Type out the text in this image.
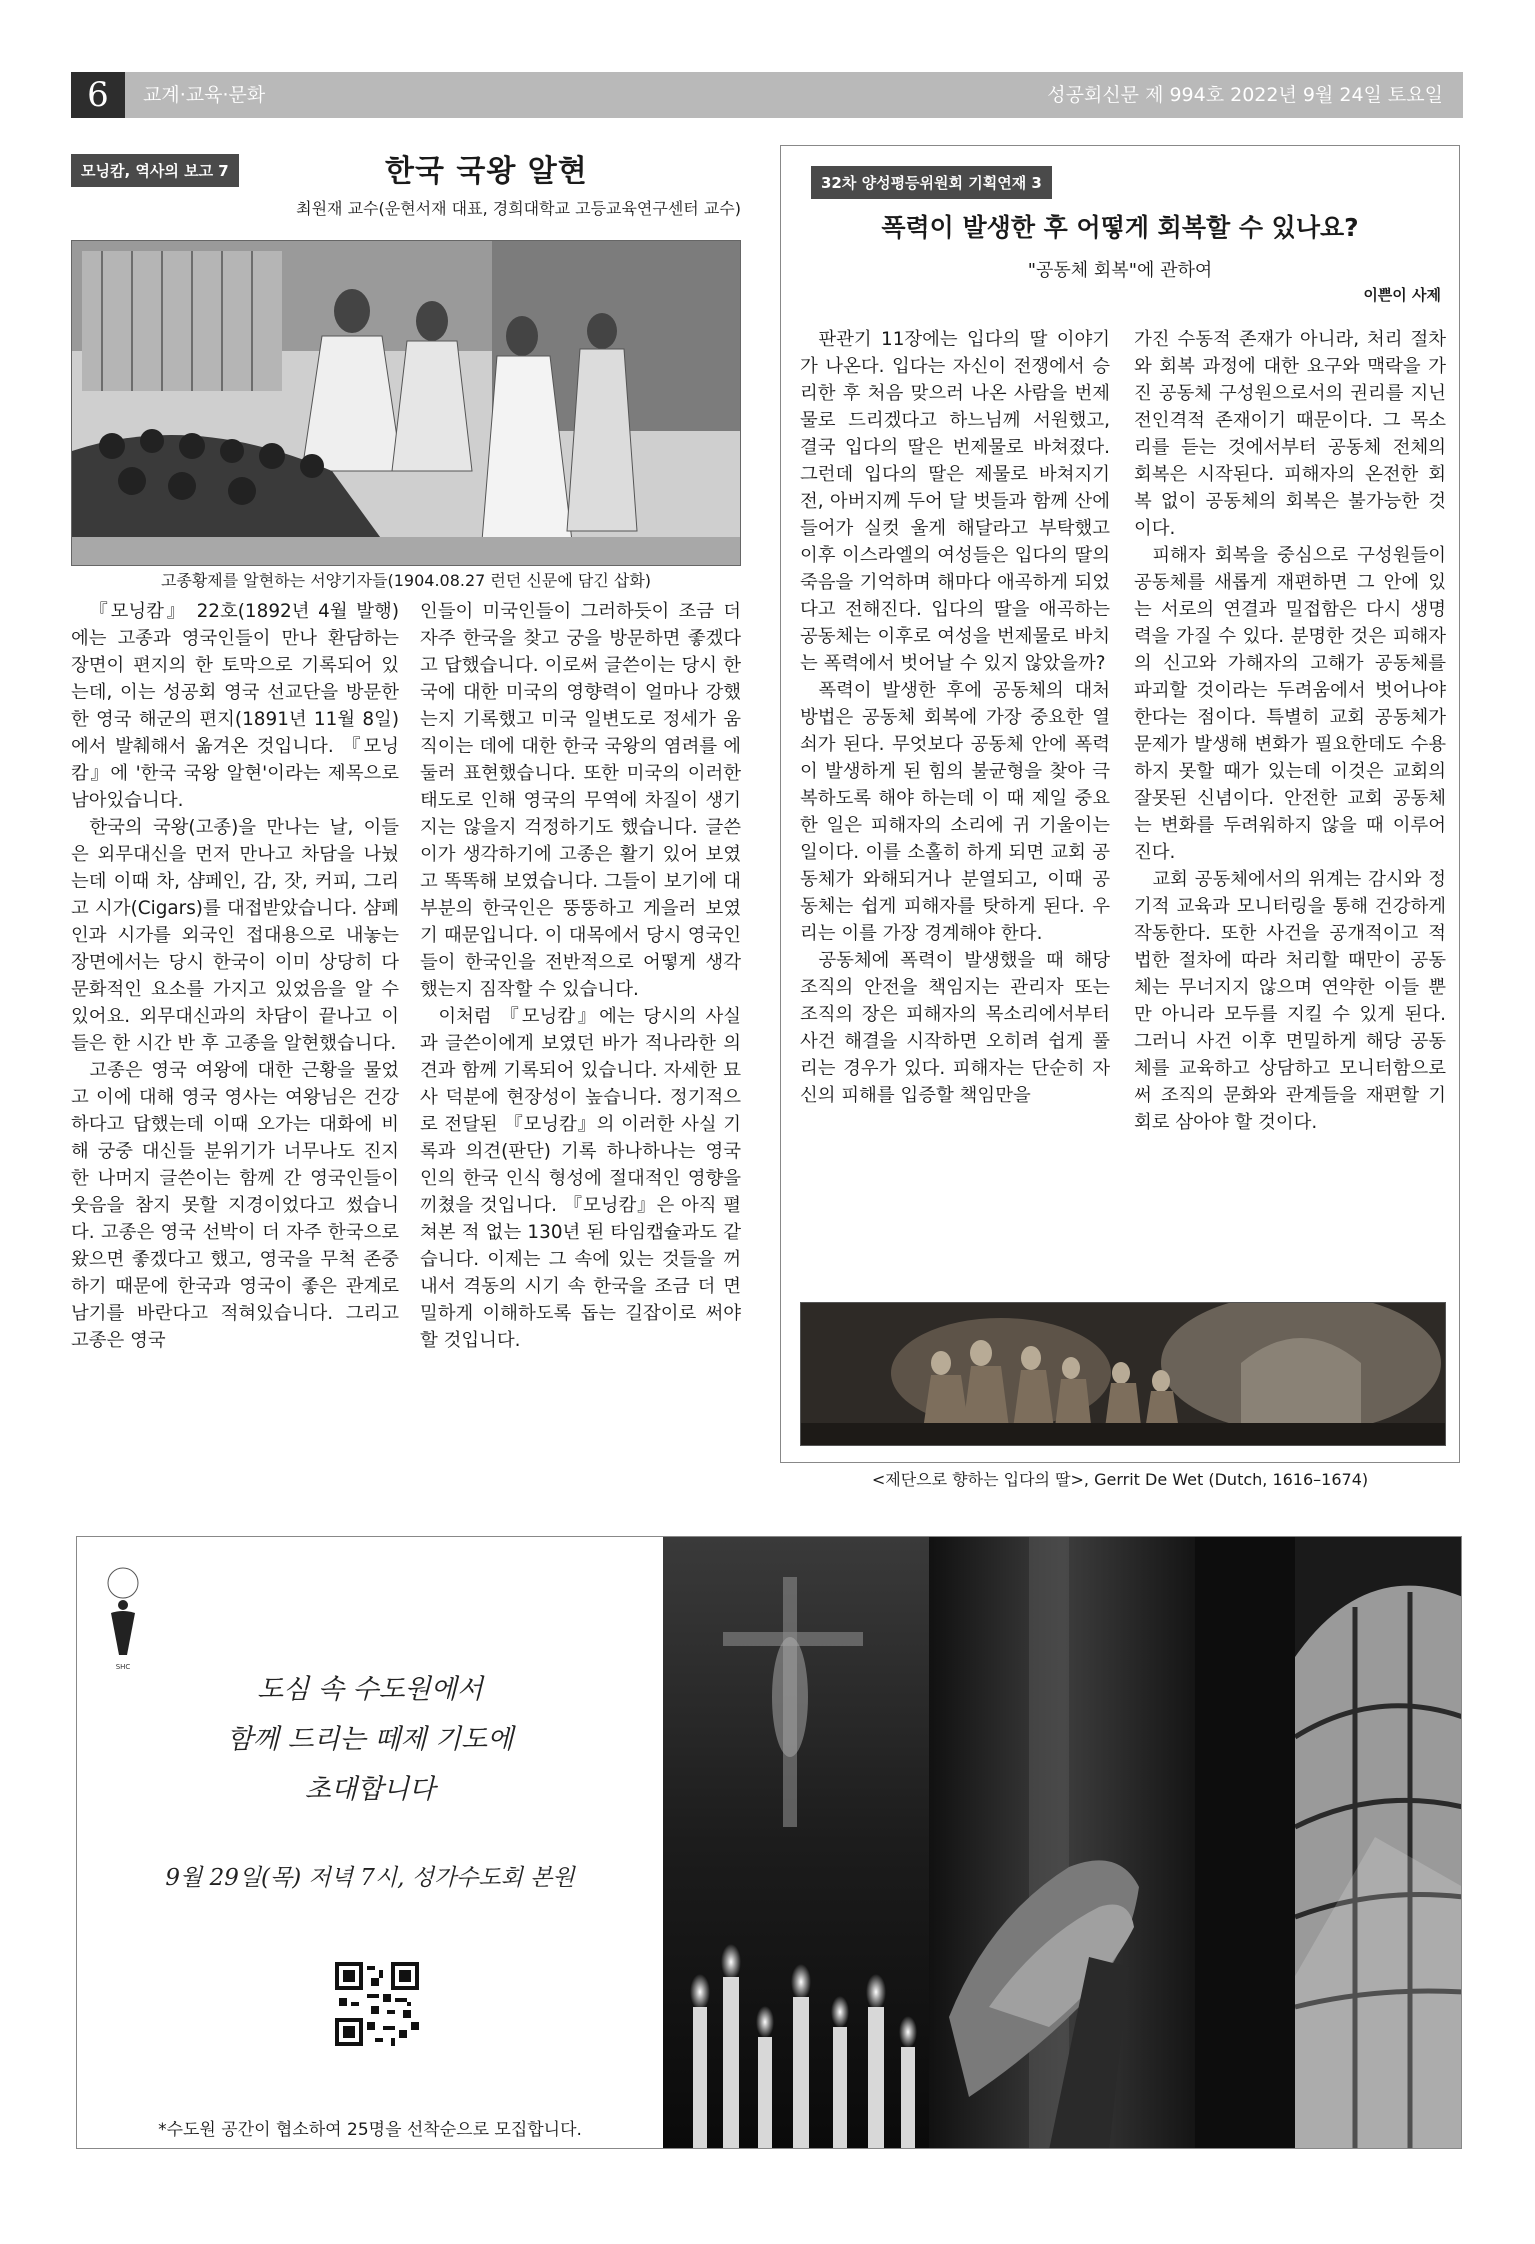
6	교계·교육·문화	성공회신문 제 994호 2022년 9월 24일 토요일
모닝캄, 역사의 보고 7	한국 국왕 알현
최원재 교수(운현서재 대표, 경희대학교 고등교육연구센터 교수)
고종황제를 알현하는 서양기자들(1904.08.27 런던 신문에 담긴 삽화)

『모닝캄』 22호(1892년 4월 발행)에는 고종과 영국인들이 만나 환담하는 장면이 편지의 한 토막으로 기록되어 있는데, 이는 성공회 영국 선교단을 방문한 한 영국 해군의 편지(1891년 11월 8일)에서 발췌해서 옮겨온 것입니다. 『모닝캄』에 '한국 국왕 알현'이라는 제목으로 남아있습니다.

한국의 국왕(고종)을 만나는 날, 이들은 외무대신을 먼저 만나고 차담을 나눴는데 이때 차, 샴페인, 감, 잣, 커피, 그리고 시가(Cigars)를 대접받았습니다. 샴페인과 시가를 외국인 접대용으로 내놓는 장면에서는 당시 한국이 이미 상당히 다문화적인 요소를 가지고 있었음을 알 수 있어요. 외무대신과의 차담이 끝나고 이들은 한 시간 반 후 고종을 알현했습니다.

고종은 영국 여왕에 대한 근황을 물었고 이에 대해 영국 영사는 여왕님은 건강하다고 답했는데 이때 오가는 대화에 비해 궁중 대신들 분위기가 너무나도 진지한 나머지 글쓴이는 함께 간 영국인들이 웃음을 참지 못할 지경이었다고 썼습니다. 고종은 영국 선박이 더 자주 한국으로 왔으면 좋겠다고 했고, 영국을 무척 존중하기 때문에 한국과 영국이 좋은 관계로 남기를 바란다고 적혀있습니다. 그리고 고종은 영국

인들이 미국인들이 그러하듯이 조금 더 자주 한국을 찾고 궁을 방문하면 좋겠다고 답했습니다. 이로써 글쓴이는 당시 한국에 대한 미국의 영향력이 얼마나 강했는지 기록했고 미국 일변도로 정세가 움직이는 데에 대한 한국 국왕의 염려를 에둘러 표현했습니다. 또한 미국의 이러한 태도로 인해 영국의 무역에 차질이 생기지는 않을지 걱정하기도 했습니다. 글쓴이가 생각하기에 고종은 활기 있어 보였고 똑똑해 보였습니다. 그들이 보기에 대부분의 한국인은 뚱뚱하고 게을러 보였기 때문입니다. 이 대목에서 당시 영국인들이 한국인을 전반적으로 어떻게 생각했는지 짐작할 수 있습니다.

이처럼 『모닝캄』에는 당시의 사실과 글쓴이에게 보였던 바가 적나라한 의견과 함께 기록되어 있습니다. 자세한 묘사 덕분에 현장성이 높습니다. 정기적으로 전달된 『모닝캄』의 이러한 사실 기록과 의견(판단) 기록 하나하나는 영국인의 한국 인식 형성에 절대적인 영향을 끼쳤을 것입니다. 『모닝캄』은 아직 펼쳐본 적 없는 130년 된 타임캡슐과도 같습니다. 이제는 그 속에 있는 것들을 꺼내서 격동의 시기 속 한국을 조금 더 면밀하게 이해하도록 돕는 길잡이로 써야 할 것입니다.

32차 양성평등위원회 기획연재 3
폭력이 발생한 후 어떻게 회복할 수 있나요?
"공동체 회복"에 관하여
이쁜이 사제

판관기 11장에는 입다의 딸 이야기가 나온다. 입다는 자신이 전쟁에서 승리한 후 처음 맞으러 나온 사람을 번제물로 드리겠다고 하느님께 서원했고, 결국 입다의 딸은 번제물로 바쳐졌다. 그런데 입다의 딸은 제물로 바쳐지기 전, 아버지께 두어 달 벗들과 함께 산에 들어가 실컷 울게 해달라고 부탁했고 이후 이스라엘의 여성들은 입다의 딸의 죽음을 기억하며 해마다 애곡하게 되었다고 전해진다. 입다의 딸을 애곡하는 공동체는 이후로 여성을 번제물로 바치는 폭력에서 벗어날 수 있지 않았을까?

폭력이 발생한 후에 공동체의 대처 방법은 공동체 회복에 가장 중요한 열쇠가 된다. 무엇보다 공동체 안에 폭력이 발생하게 된 힘의 불균형을 찾아 극복하도록 해야 하는데 이 때 제일 중요한 일은 피해자의 소리에 귀 기울이는 일이다. 이를 소홀히 하게 되면 교회 공동체가 와해되거나 분열되고, 이때 공동체는 쉽게 피해자를 탓하게 된다. 우리는 이를 가장 경계해야 한다.

공동체에 폭력이 발생했을 때 해당 조직의 안전을 책임지는 관리자 또는 조직의 장은 피해자의 목소리에서부터 사건 해결을 시작하면 오히려 쉽게 풀리는 경우가 있다. 피해자는 단순히 자신의 피해를 입증할 책임만을

가진 수동적 존재가 아니라, 처리 절차와 회복 과정에 대한 요구와 맥락을 가진 공동체 구성원으로서의 권리를 지닌 전인격적 존재이기 때문이다. 그 목소리를 듣는 것에서부터 공동체 전체의 회복은 시작된다. 피해자의 온전한 회복 없이 공동체의 회복은 불가능한 것이다.

피해자 회복을 중심으로 구성원들이 공동체를 새롭게 재편하면 그 안에 있는 서로의 연결과 밀접함은 다시 생명력을 가질 수 있다. 분명한 것은 피해자의 신고와 가해자의 고해가 공동체를 파괴할 것이라는 두려움에서 벗어나야 한다는 점이다. 특별히 교회 공동체가 문제가 발생해 변화가 필요한데도 수용하지 못할 때가 있는데 이것은 교회의 잘못된 신념이다. 안전한 교회 공동체는 변화를 두려워하지 않을 때 이루어진다.

교회 공동체에서의 위계는 감시와 정기적 교육과 모니터링을 통해 건강하게 작동한다. 또한 사건을 공개적이고 적법한 절차에 따라 처리할 때만이 공동체는 무너지지 않으며 연약한 이들 뿐만 아니라 모두를 지킬 수 있게 된다. 그러니 사건 이후 면밀하게 해당 공동체를 교육하고 상담하고 모니터함으로써 조직의 문화와 관계들을 재편할 기회로 삼아야 할 것이다.

<제단으로 향하는 입다의 딸>, Gerrit De Wet (Dutch, 1616–1674)
SHC
도심 속 수도원에서
함께 드리는 떼제 기도에
초대합니다
9월 29일(목) 저녁 7시, 성가수도회 본원
*수도원 공간이 협소하여 25명을 선착순으로 모집합니다.
